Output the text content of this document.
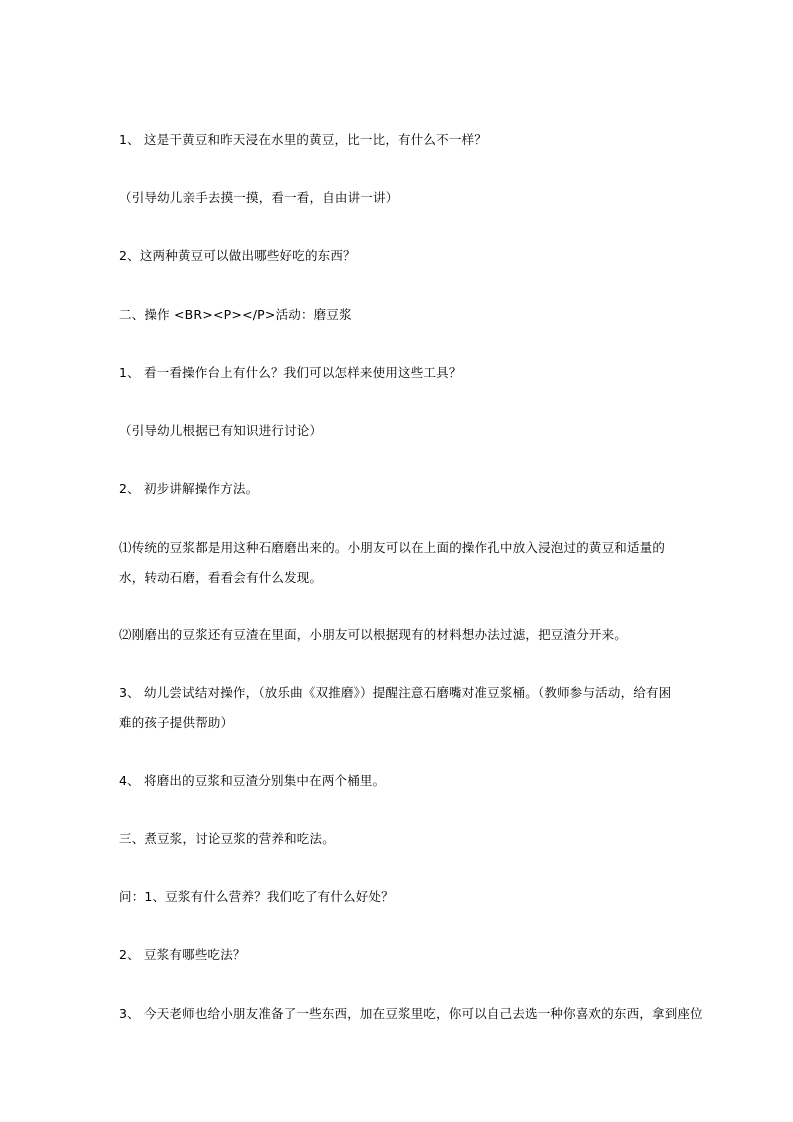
1、 这是干黄豆和昨天浸在水里的黄豆，比一比，有什么不一样？
（引导幼儿亲手去摸一摸，看一看，自由讲一讲）
2、这两种黄豆可以做出哪些好吃的东西？
二、操作 <BR><P></P>活动：磨豆浆
1、 看一看操作台上有什么？我们可以怎样来使用这些工具？
（引导幼儿根据已有知识进行讨论）
2、 初步讲解操作方法。
⑴传统的豆浆都是用这种石磨磨出来的。小朋友可以在上面的操作孔中放入浸泡过的黄豆和适量的水，转动石磨，看看会有什么发现。
⑵刚磨出的豆浆还有豆渣在里面，小朋友可以根据现有的材料想办法过滤，把豆渣分开来。
3、 幼儿尝试结对操作，（放乐曲《双推磨》）提醒注意石磨嘴对准豆浆桶。（教师参与活动，给有困难的孩子提供帮助）
4、 将磨出的豆浆和豆渣分别集中在两个桶里。
三、煮豆浆，讨论豆浆的营养和吃法。
问：1、豆浆有什么营养？我们吃了有什么好处？
2、 豆浆有哪些吃法？
3、 今天老师也给小朋友准备了一些东西，加在豆浆里吃，你可以自己去选一种你喜欢的东西，拿到座位
